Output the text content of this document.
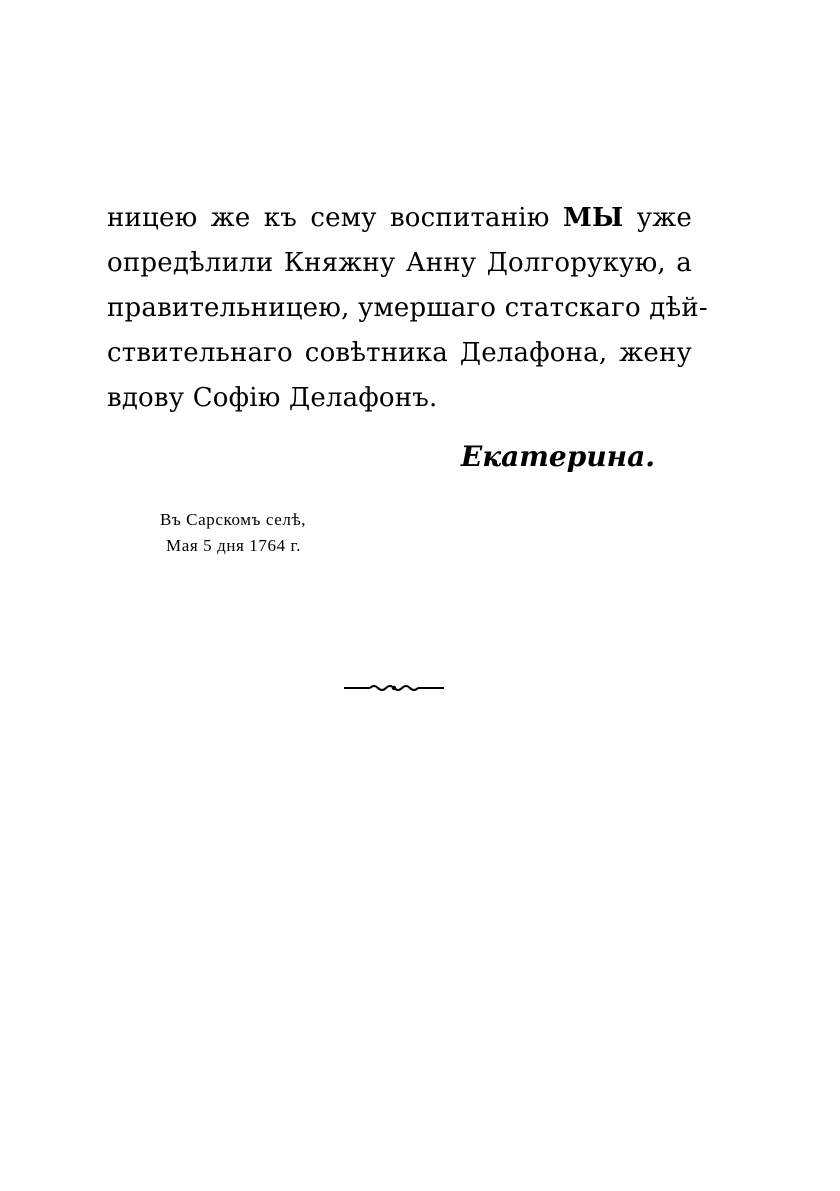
ницею же къ сему воспитанію МЫ уже
опредѣлили Княжну Анну Долгорукую, а
правительницею, умершаго статскаго дѣй-
ствительнаго совѣтника Делафона, жену
вдову Софію Делафонъ.
Екатерина.
Въ Сарскомъ селѣ,
Мая 5 дня 1764 г.
